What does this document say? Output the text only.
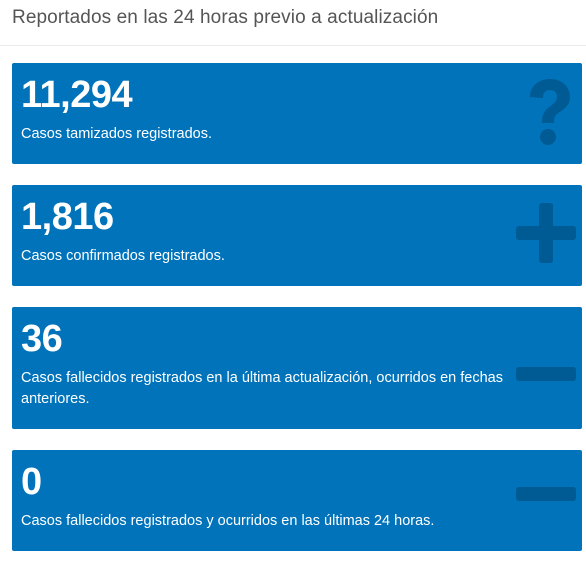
Reportados en las 24 horas previo a actualización
11,294
Casos tamizados registrados.
1,816
Casos confirmados registrados.
36
Casos fallecidos registrados en la última actualización, ocurridos en fechas anteriores.
0
Casos fallecidos registrados y ocurridos en las últimas 24 horas.
